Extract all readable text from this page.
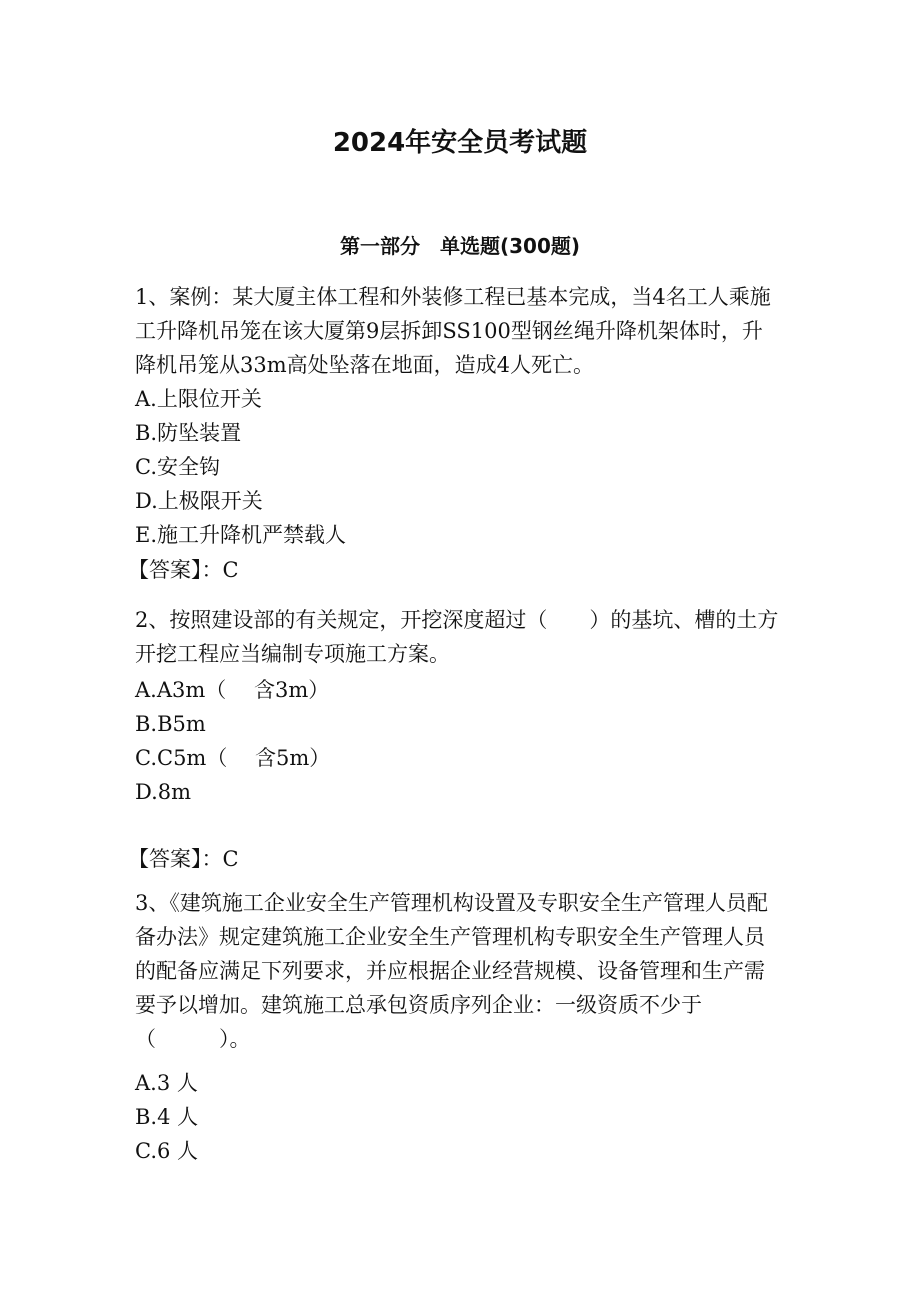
2024年安全员考试题
第一部分　单选题(300题)
1、案例：某大厦主体工程和外装修工程已基本完成，当4名工人乘施
工升降机吊笼在该大厦第9层拆卸SS100型钢丝绳升降机架体时，升
降机吊笼从33m高处坠落在地面，造成4人死亡。
A.上限位开关
B.防坠装置
C.安全钩
D.上极限开关
E.施工升降机严禁载人
【答案】：C
2、按照建设部的有关规定，开挖深度超过（　　）的基坑、槽的土方
开挖工程应当编制专项施工方案。
A.A3m（　 含3m）
B.B5m
C.C5m（　 含5m）
D.8m
【答案】：C
3、《建筑施工企业安全生产管理机构设置及专职安全生产管理人员配
备办法》规定建筑施工企业安全生产管理机构专职安全生产管理人员
的配备应满足下列要求，并应根据企业经营规模、设备管理和生产需
要予以增加。建筑施工总承包资质序列企业：一级资质不少于
（　　　）。
A.3 人
B.4 人
C.6 人
